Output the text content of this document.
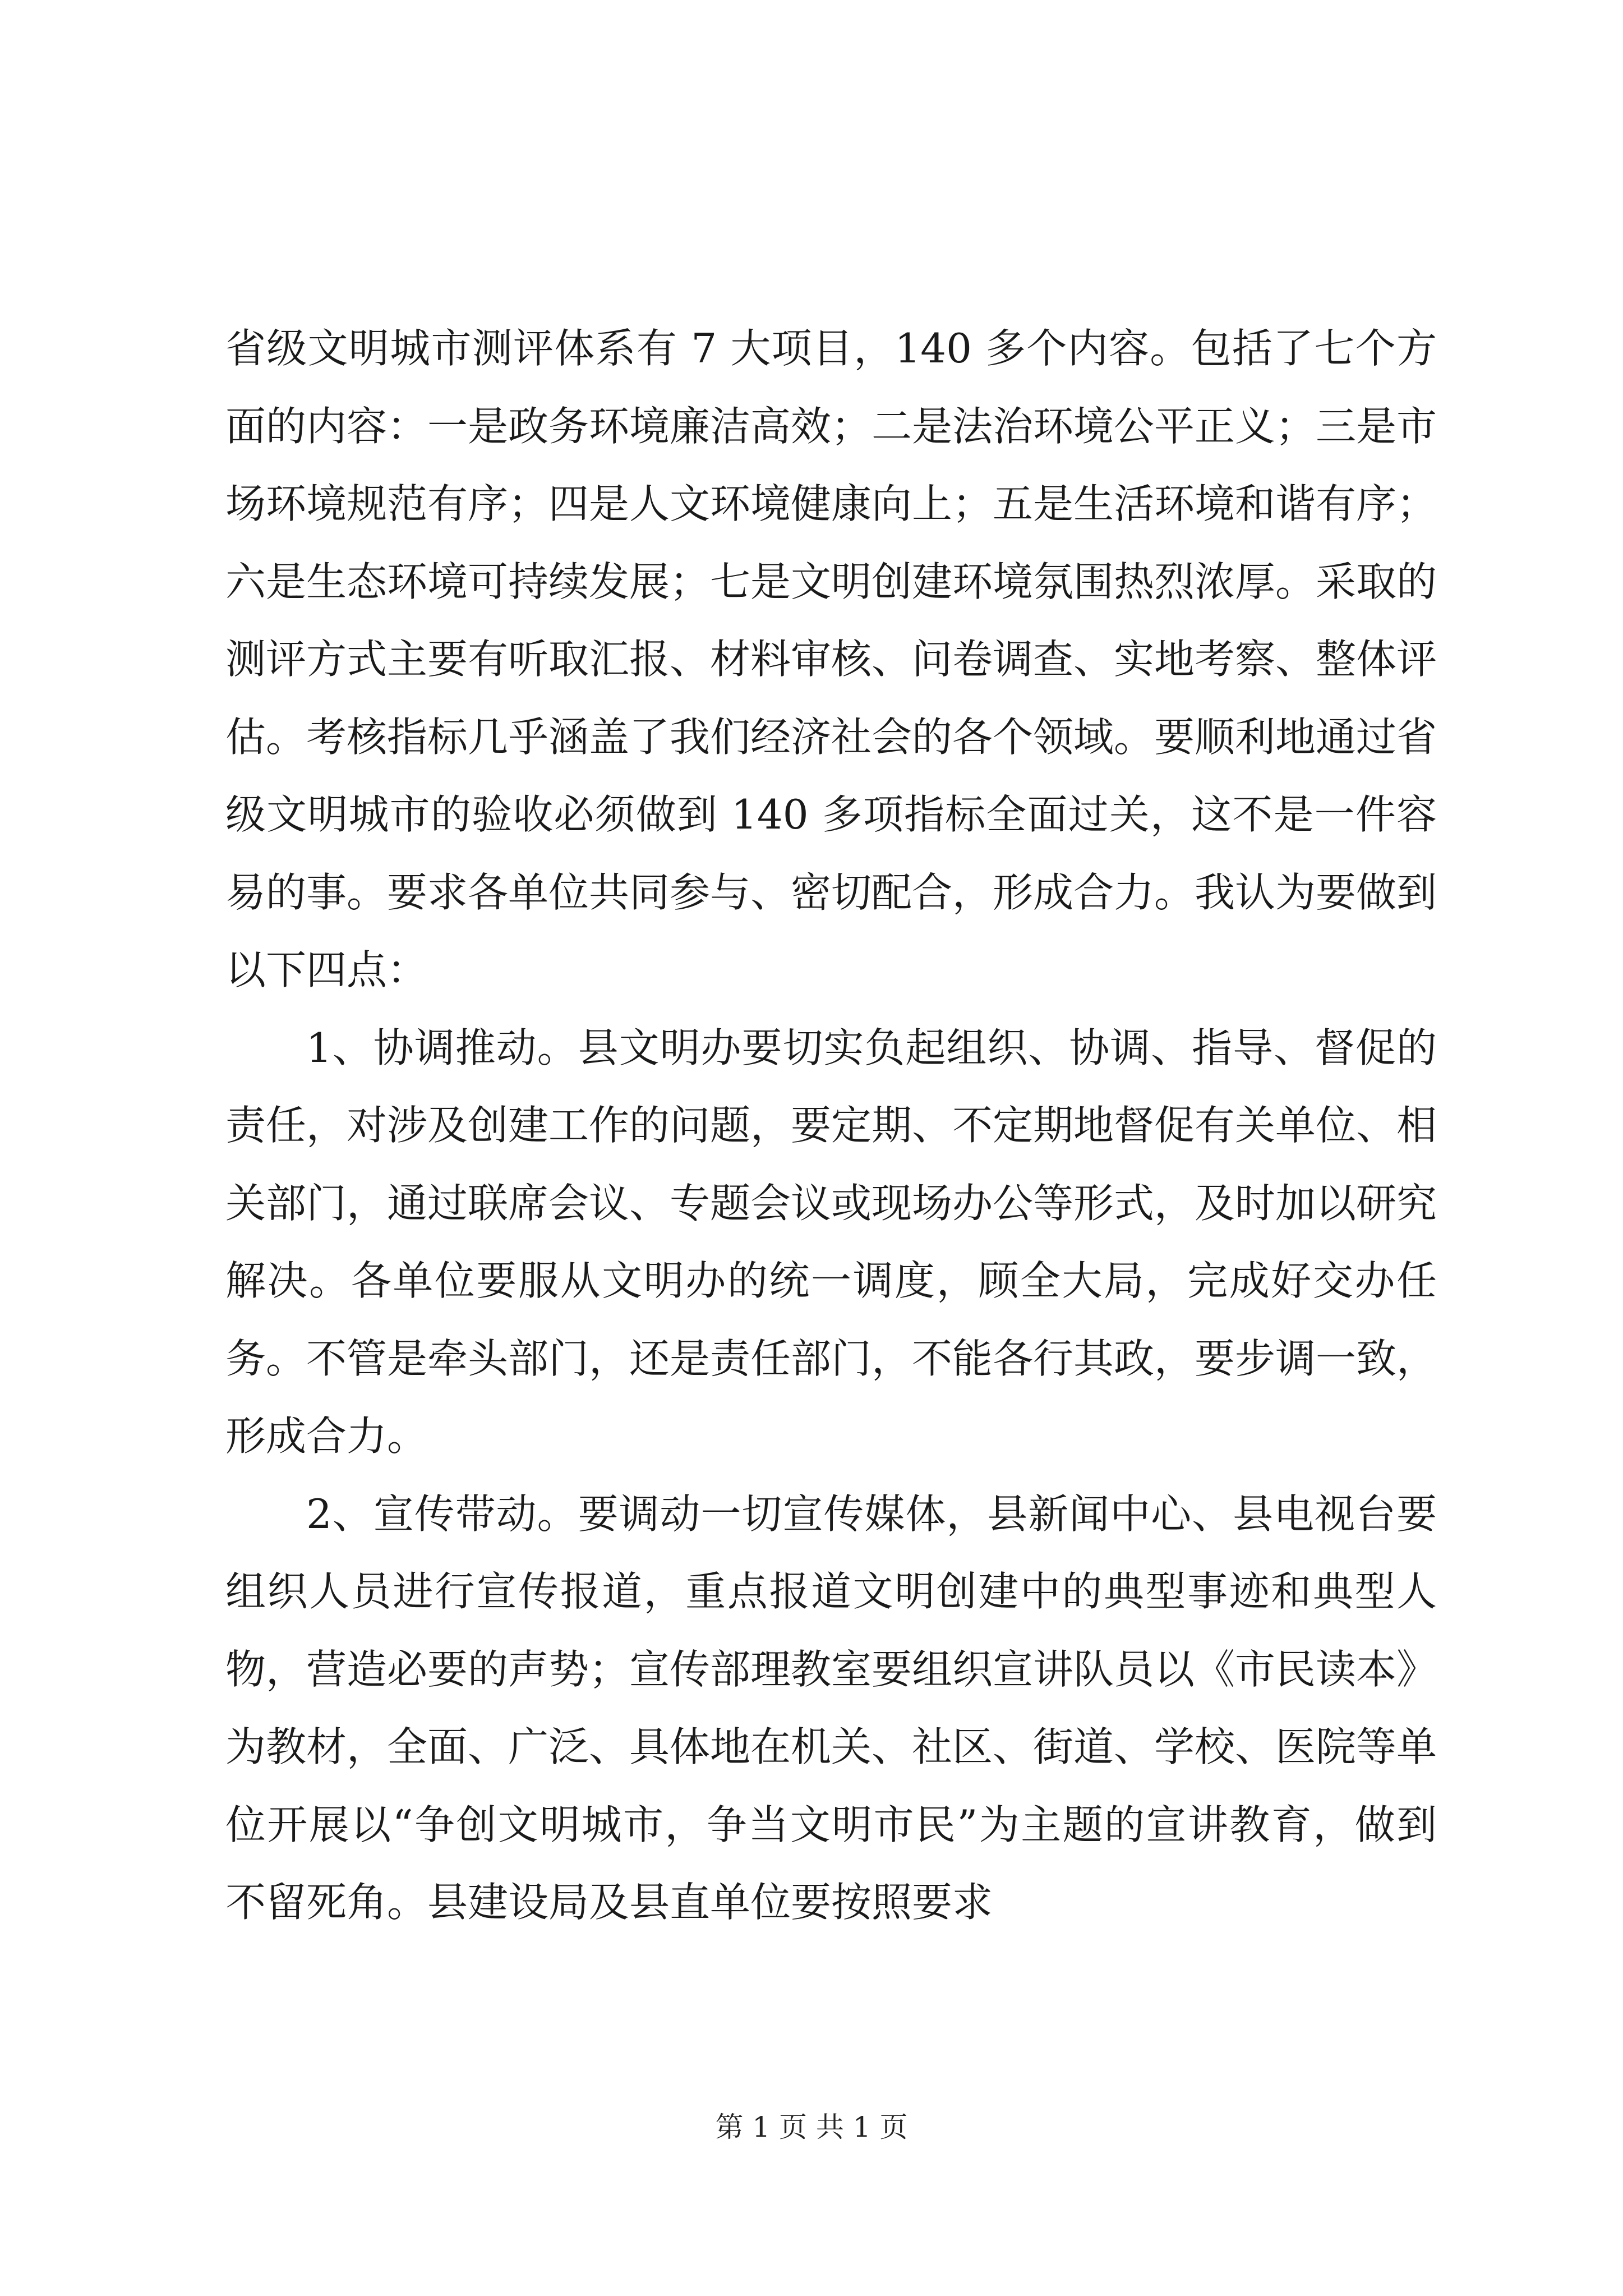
省级文明城市测评体系有 7 大项目，140 多个内容。包括了七个方面的内容：一是政务环境廉洁高效；二是法治环境公平正义；三是市场环境规范有序；四是人文环境健康向上；五是生活环境和谐有序；六是生态环境可持续发展；七是文明创建环境氛围热烈浓厚。采取的测评方式主要有听取汇报、材料审核、问卷调查、实地考察、整体评估。考核指标几乎涵盖了我们经济社会的各个领域。要顺利地通过省级文明城市的验收必须做到 140 多项指标全面过关，这不是一件容易的事。要求各单位共同参与、密切配合，形成合力。我认为要做到以下四点：

1、协调推动。县文明办要切实负起组织、协调、指导、督促的责任，对涉及创建工作的问题，要定期、不定期地督促有关单位、相关部门，通过联席会议、专题会议或现场办公等形式，及时加以研究解决。各单位要服从文明办的统一调度，顾全大局，完成好交办任务。不管是牵头部门，还是责任部门，不能各行其政，要步调一致，形成合力。

2、宣传带动。要调动一切宣传媒体，县新闻中心、县电视台要组织人员进行宣传报道，重点报道文明创建中的典型事迹和典型人物，营造必要的声势；宣传部理教室要组织宣讲队员以《市民读本》为教材，全面、广泛、具体地在机关、社区、街道、学校、医院等单位开展以“争创文明城市，争当文明市民”为主题的宣讲教育，做到不留死角。县建设局及县直单位要按照要求

第 1 页 共 1 页
